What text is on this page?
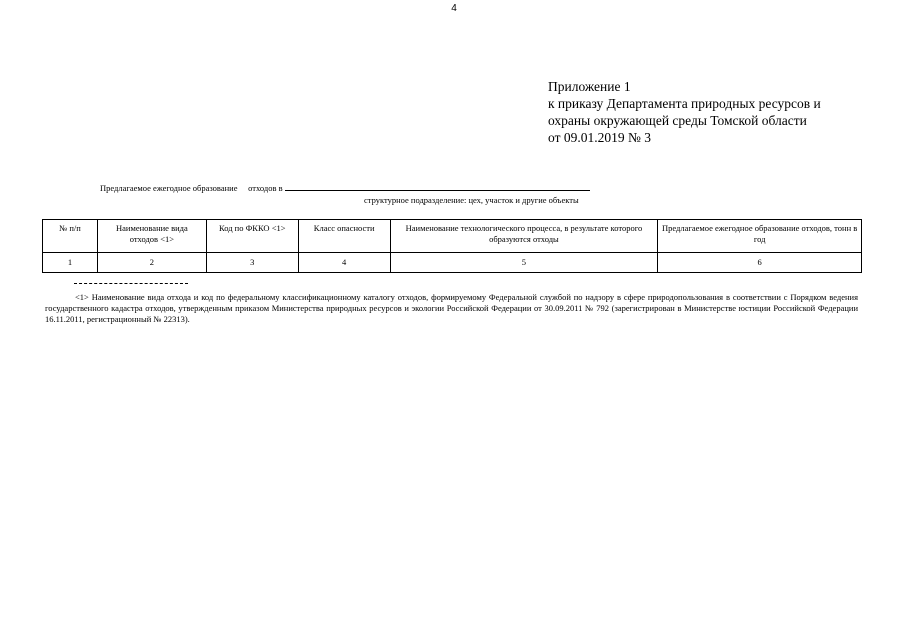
4
Приложение 1
к приказу Департамента природных ресурсов и
охраны окружающей среды Томской области
от 09.01.2019 № 3
Предлагаемое ежегодное образование     отходов в
структурное подразделение: цех, участок и другие объекты
№ п/п	Наименование вида отходов <1>	Код по ФККО <1>	Класс опасности	Наименование технологического процесса, в результате которого образуются отходы	Предлагаемое ежегодное образование отходов, тонн в год
1	2	3	4	5	6
<1> Наименование вида отхода и код по федеральному классификационному каталогу отходов, формируемому Федеральной службой по надзору в сфере природопользования в соответствии с Порядком ведения государственного кадастра отходов, утвержденным приказом Министерства природных ресурсов и экологии Российской Федерации от 30.09.2011 № 792 (зарегистрирован в Министерстве юстиции Российской Федерации 16.11.2011, регистрационный № 22313).
